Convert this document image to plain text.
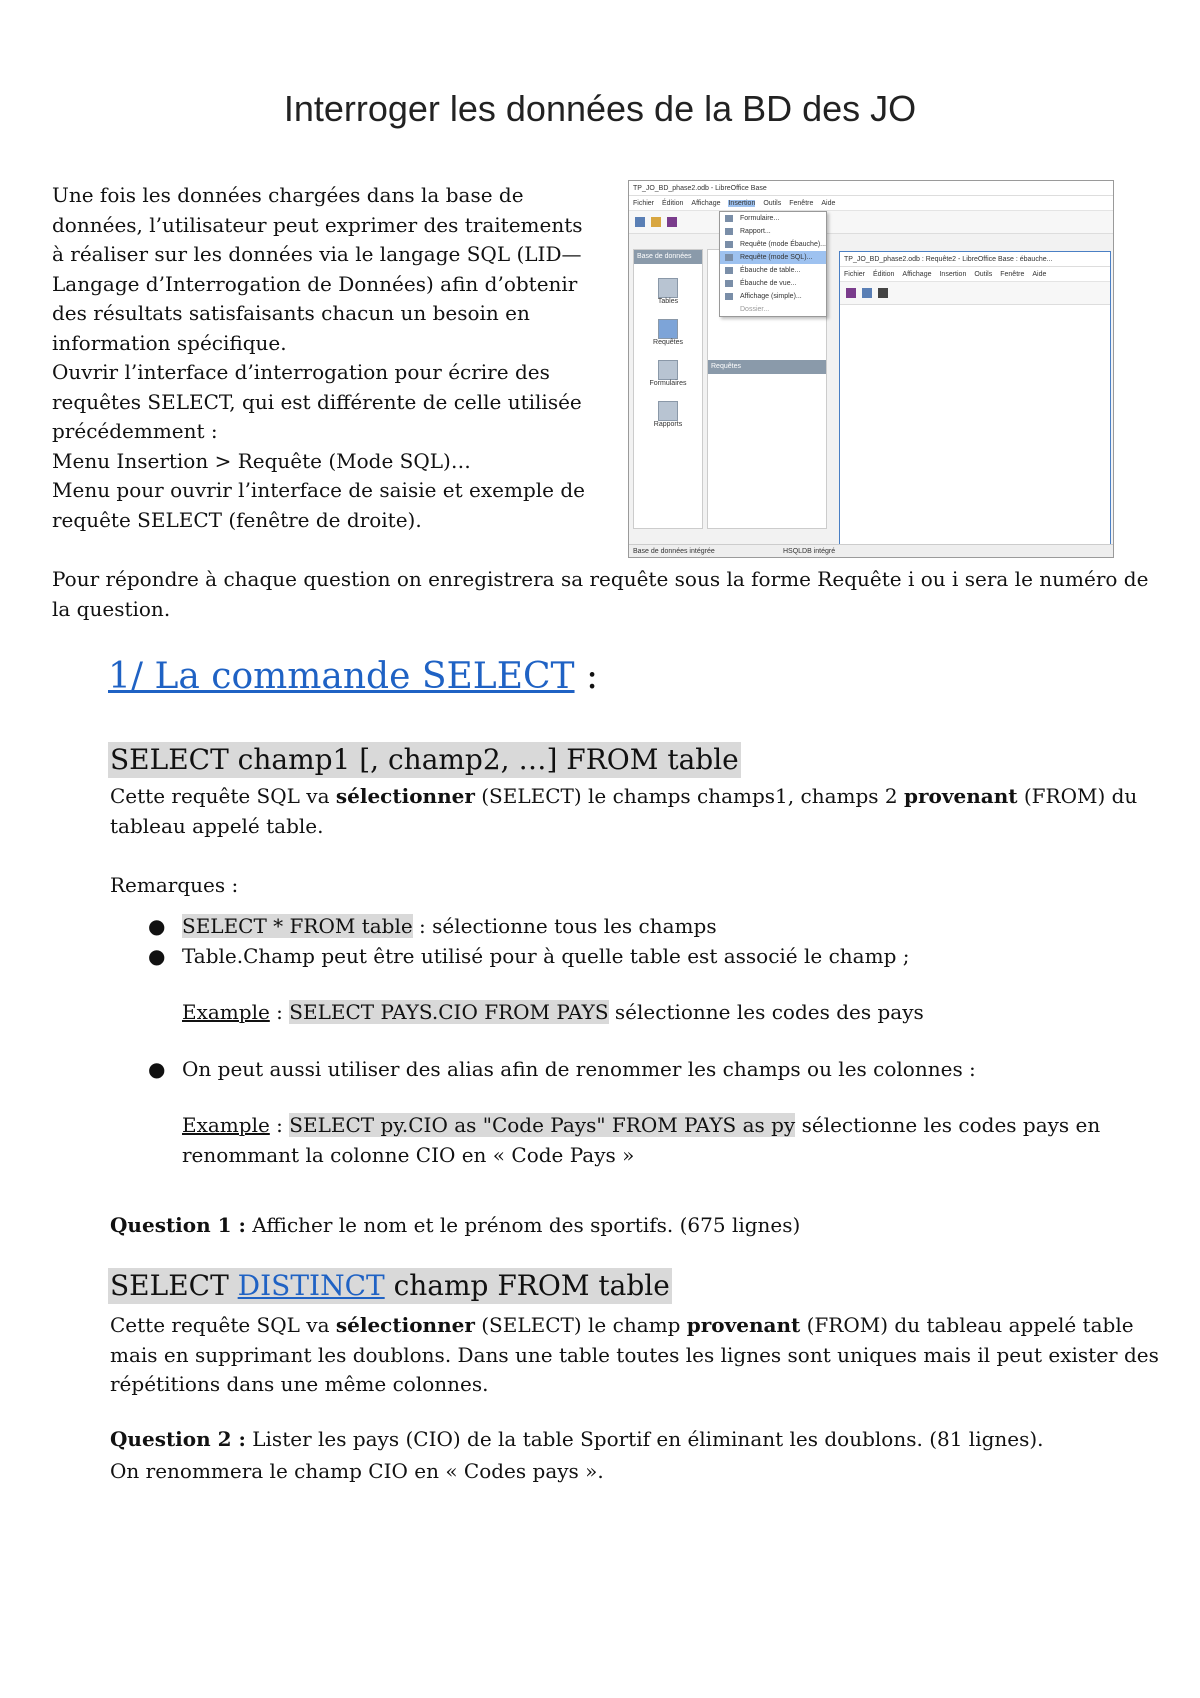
Interroger les données de la BD des JO

Une fois les données chargées dans la base de

données, l’utilisateur peut exprimer des traitements

à réaliser sur les données via le langage SQL (LID—

Langage d’Interrogation de Données) afin d’obtenir

des résultats satisfaisants chacun un besoin en

information spécifique.

Ouvrir l’interface d’interrogation pour écrire des

requêtes SELECT, qui est différente de celle utilisée

précédemment :

Menu Insertion > Requête (Mode SQL)…

Menu pour ouvrir l’interface de saisie et exemple de

requête SELECT (fenêtre de droite).

TP_JO_BD_phase2.odb - LibreOffice Base
Fichier Édition Affichage Insertion Outils Fenêtre Aide
Base de données
Tables
Requêtes
Formulaires
Rapports
Requêtes
Formulaire...
Rapport...
Requête (mode Ébauche)...
Requête (mode SQL)...
Ébauche de table...
Ébauche de vue...
Affichage (simple)...
Dossier...
TP_JO_BD_phase2.odb : Requête2 - LibreOffice Base : ébauche...
Fichier Édition Affichage Insertion Outils Fenêtre Aide
Base de données intégrée	HSQLDB intégré

Pour répondre à chaque question on enregistrera sa requête sous la forme Requête i ou i sera le numéro de la question.

1/ La commande SELECT :
SELECT champ1 [, champ2, …] FROM table

Cette requête SQL va sélectionner (SELECT) le champs champs1, champs 2 provenant (FROM) du tableau appelé table.

Remarques :

● SELECT * FROM table : sélectionne tous les champs
● Table.Champ peut être utilisé pour à quelle table est associé le champ ;
Example : SELECT PAYS.CIO FROM PAYS sélectionne les codes des pays
● On peut aussi utiliser des alias afin de renommer les champs ou les colonnes :
Example : SELECT py.CIO as "Code Pays" FROM PAYS as py sélectionne les codes pays en renommant la colonne CIO en « Code Pays »

Question 1 : Afficher le nom et le prénom des sportifs. (675 lignes)

SELECT DISTINCT champ FROM table

Cette requête SQL va sélectionner (SELECT) le champ provenant (FROM) du tableau appelé table mais en supprimant les doublons. Dans une table toutes les lignes sont uniques mais il peut exister des répétitions dans une même colonnes.

Question 2 : Lister les pays (CIO) de la table Sportif en éliminant les doublons. (81 lignes).

On renommera le champ CIO en « Codes pays ».
